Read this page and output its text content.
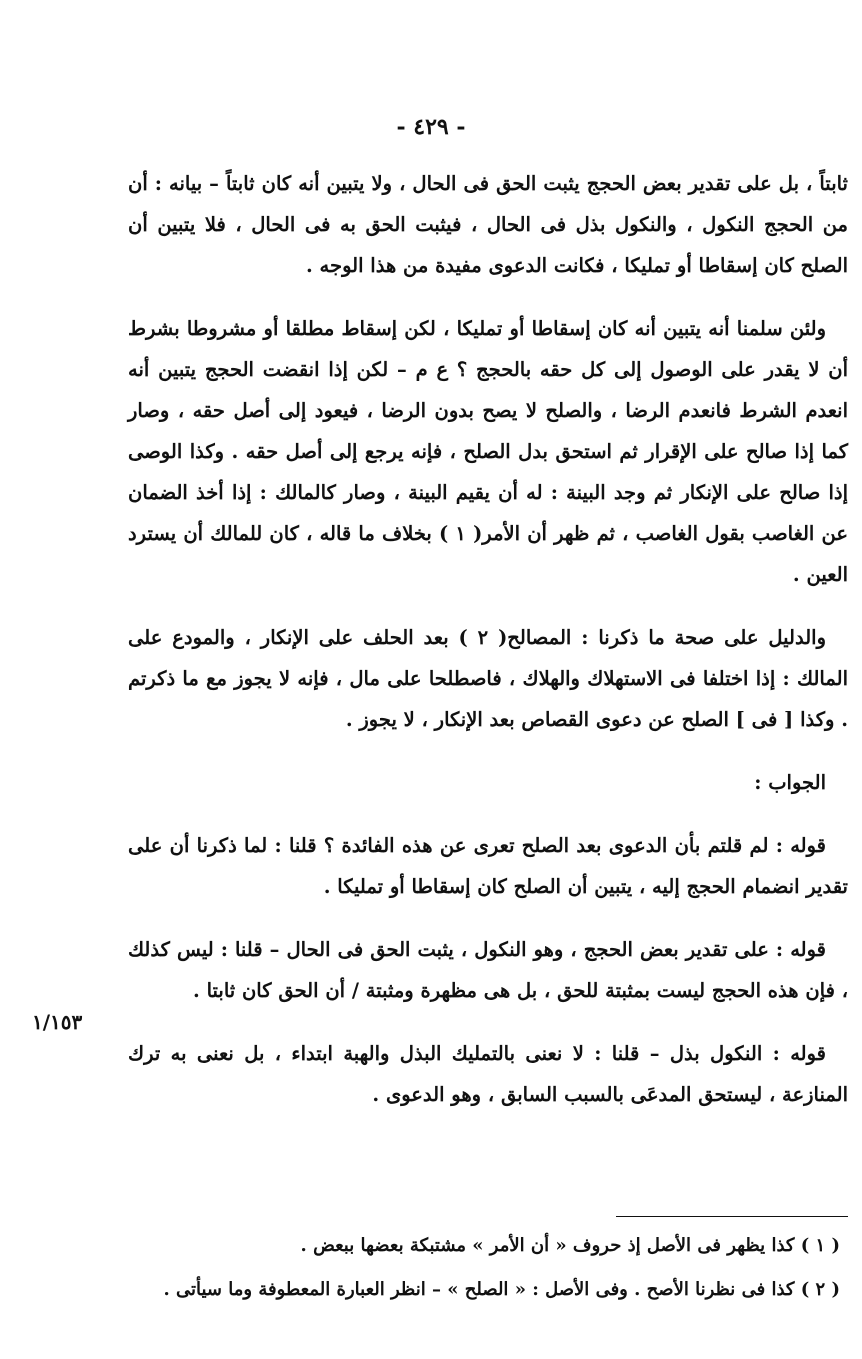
- ٤٢٩ -
١/١٥٣

ثابتاً ، بل على تقدير بعض الحجج يثبت الحق فى الحال ، ولا يتبين أنه كان ثابتاً – بيانه : أن من الحجج النكول ، والنكول بذل فى الحال ، فيثبت الحق به فى الحال ، فلا يتبين أن الصلح كان إسقاطا أو تمليكا ، فكانت الدعوى مفيدة من هذا الوجه .

ولئن سلمنا أنه يتبين أنه كان إسقاطا أو تمليكا ، لكن إسقاط مطلقا أو مشروطا بشرط أن لا يقدر على الوصول إلى كل حقه بالحجج ؟ ع م – لكن إذا انقضت الحجج يتبين أنه انعدم الشرط فانعدم الرضا ، والصلح لا يصح بدون الرضا ، فيعود إلى أصل حقه ، وصار كما إذا صالح على الإقرار ثم استحق بدل الصلح ، فإنه يرجع إلى أصل حقه . وكذا الوصى إذا صالح على الإنكار ثم وجد البينة : له أن يقيم البينة ، وصار كالمالك : إذا أخذ الضمان عن الغاصب بقول الغاصب ، ثم ظهر أن الأمر( ١ ) بخلاف ما قاله ، كان للمالك أن يسترد العين .

والدليل على صحة ما ذكرنا : المصالح( ٢ ) بعد الحلف على الإنكار ، والمودع على المالك : إذا اختلفا فى الاستهلاك والهلاك ، فاصطلحا على مال ، فإنه لا يجوز مع ما ذكرتم . وكذا [ فى ] الصلح عن دعوى القصاص بعد الإنكار ، لا يجوز .

الجواب :

قوله : لم قلتم بأن الدعوى بعد الصلح تعرى عن هذه الفائدة ؟ قلنا : لما ذكرنا أن على تقدير انضمام الحجج إليه ، يتبين أن الصلح كان إسقاطا أو تمليكا .

قوله : على تقدير بعض الحجج ، وهو النكول ، يثبت الحق فى الحال – قلنا : ليس كذلك ، فإن هذه الحجج ليست بمثبتة للحق ، بل هى مظهرة ومثبتة / أن الحق كان ثابتا .

قوله : النكول بذل – قلنا : لا نعنى بالتمليك البذل والهبة ابتداء ، بل نعنى به ترك المنازعة ، ليستحق المدعَى بالسبب السابق ، وهو الدعوى .

( ١ ) كذا يظهر فى الأصل إذ حروف « أن الأمر » مشتبكة بعضها ببعض .

( ٢ ) كذا فى نظرنا الأصح . وفى الأصل : « الصلح » – انظر العبارة المعطوفة وما سيأتى .
